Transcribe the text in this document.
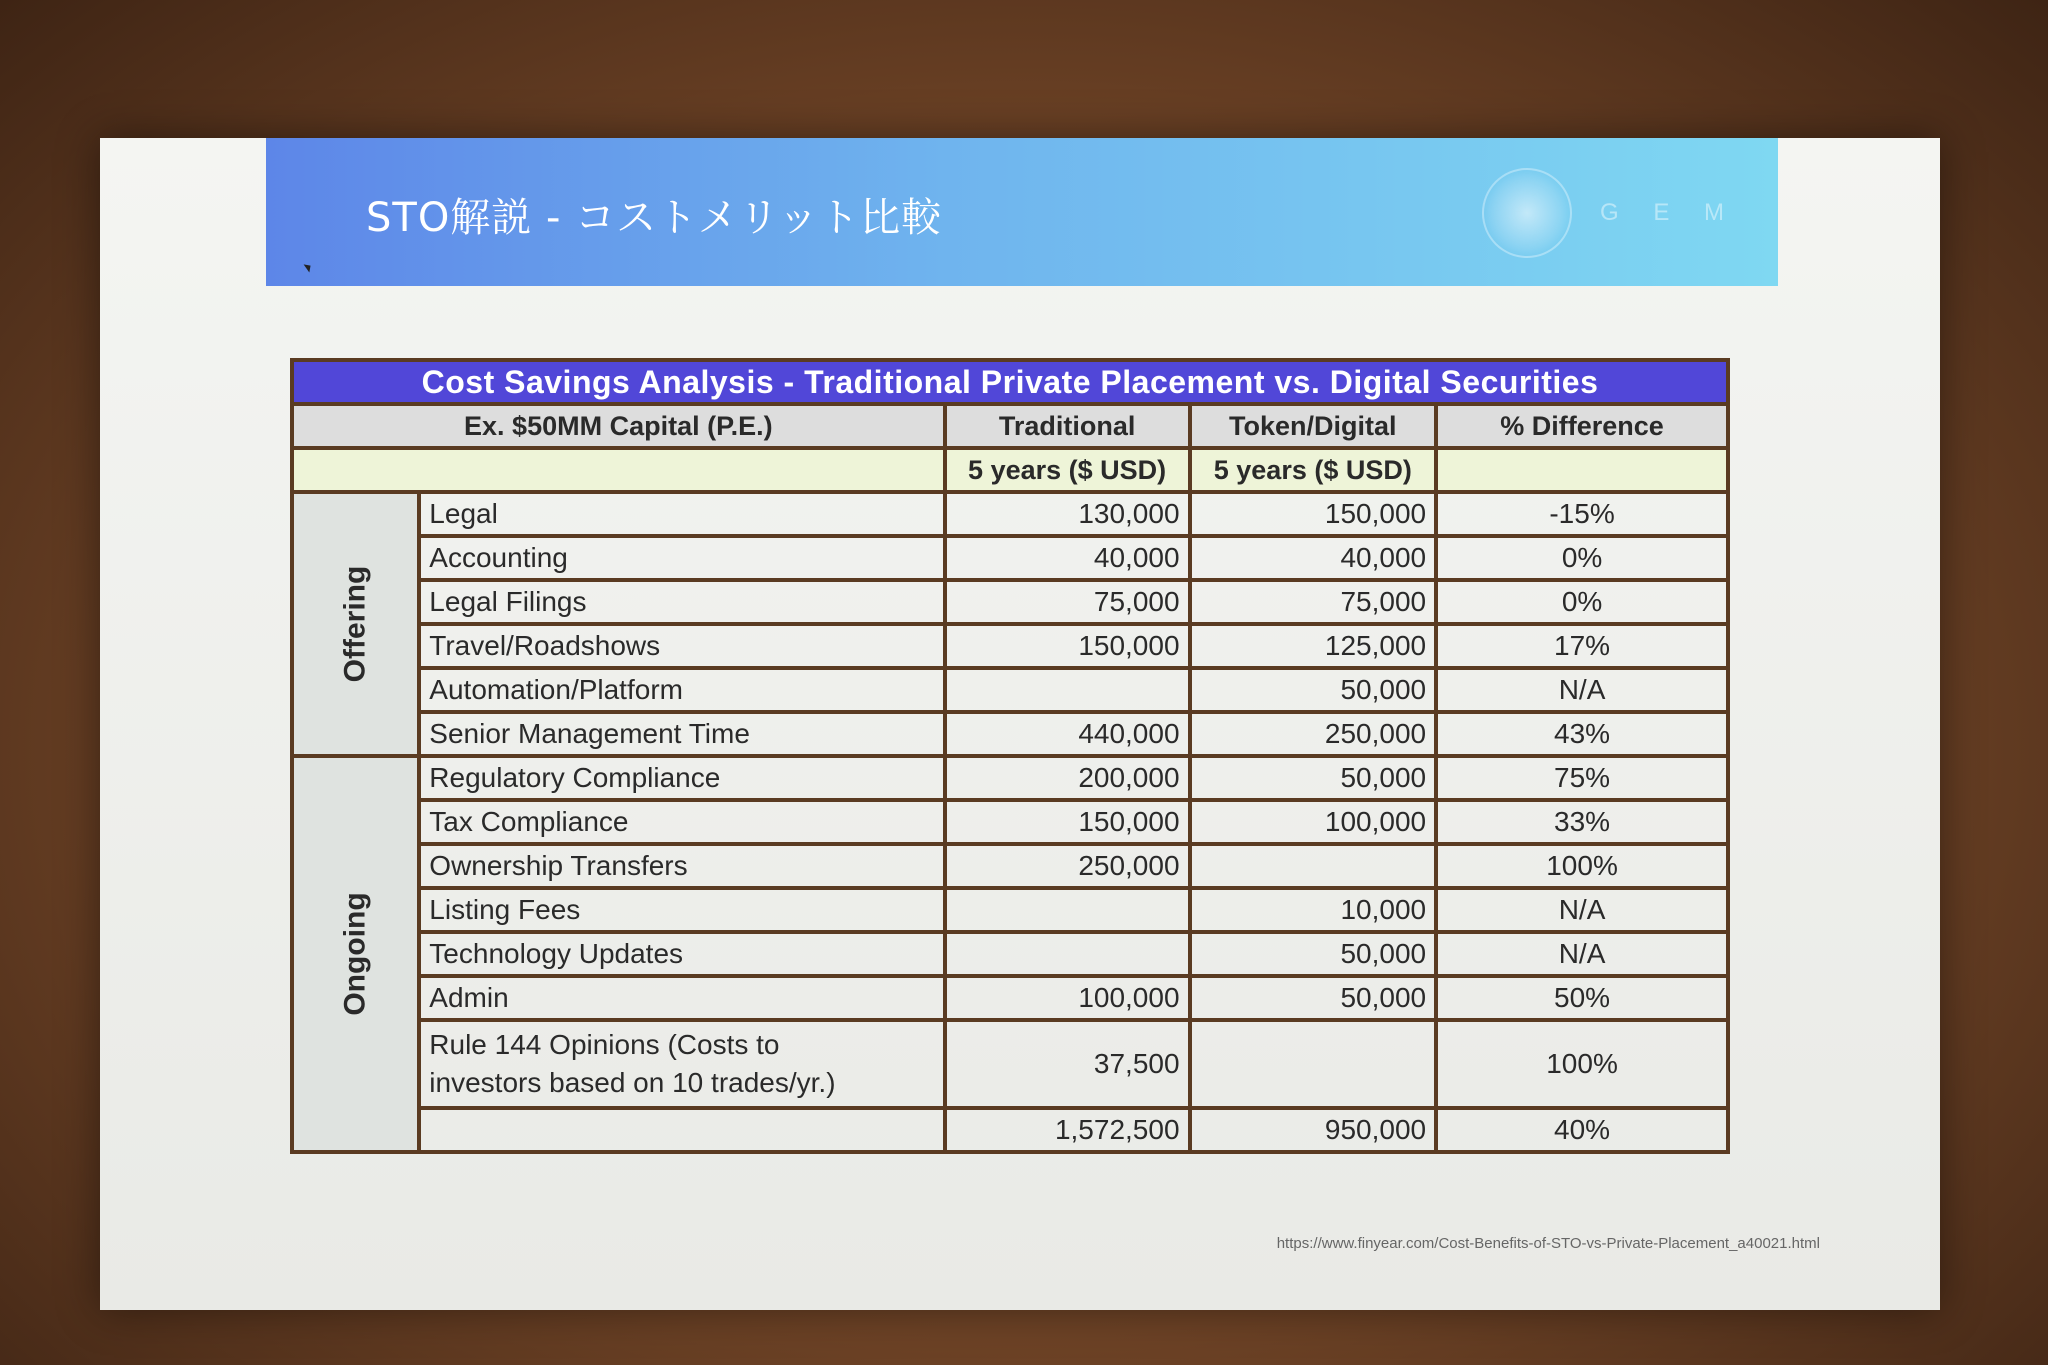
STO解説 - コストメリット比較	G E M
Cost Savings Analysis - Traditional Private Placement vs. Digital Securities				
Ex. $50MM Capital (P.E.)		Traditional	Token/Digital	% Difference
		5 years ($ USD)	5 years ($ USD)	
Offering	Legal	130,000	150,000	-15%
	Accounting	40,000	40,000	0%
	Legal Filings	75,000	75,000	0%
	Travel/Roadshows	150,000	125,000	17%
	Automation/Platform		50,000	N/A
	Senior Management Time	440,000	250,000	43%
Ongoing	Regulatory Compliance	200,000	50,000	75%
	Tax Compliance	150,000	100,000	33%
	Ownership Transfers	250,000		100%
	Listing Fees		10,000	N/A
	Technology Updates		50,000	N/A
	Admin	100,000	50,000	50%

	Rule 144 Opinions (Costs to
investors based on 10 trades/yr.)	37,500		100%
		1,572,500	950,000	40%
https://www.finyear.com/Cost-Benefits-of-STO-vs-Private-Placement_a40021.html
